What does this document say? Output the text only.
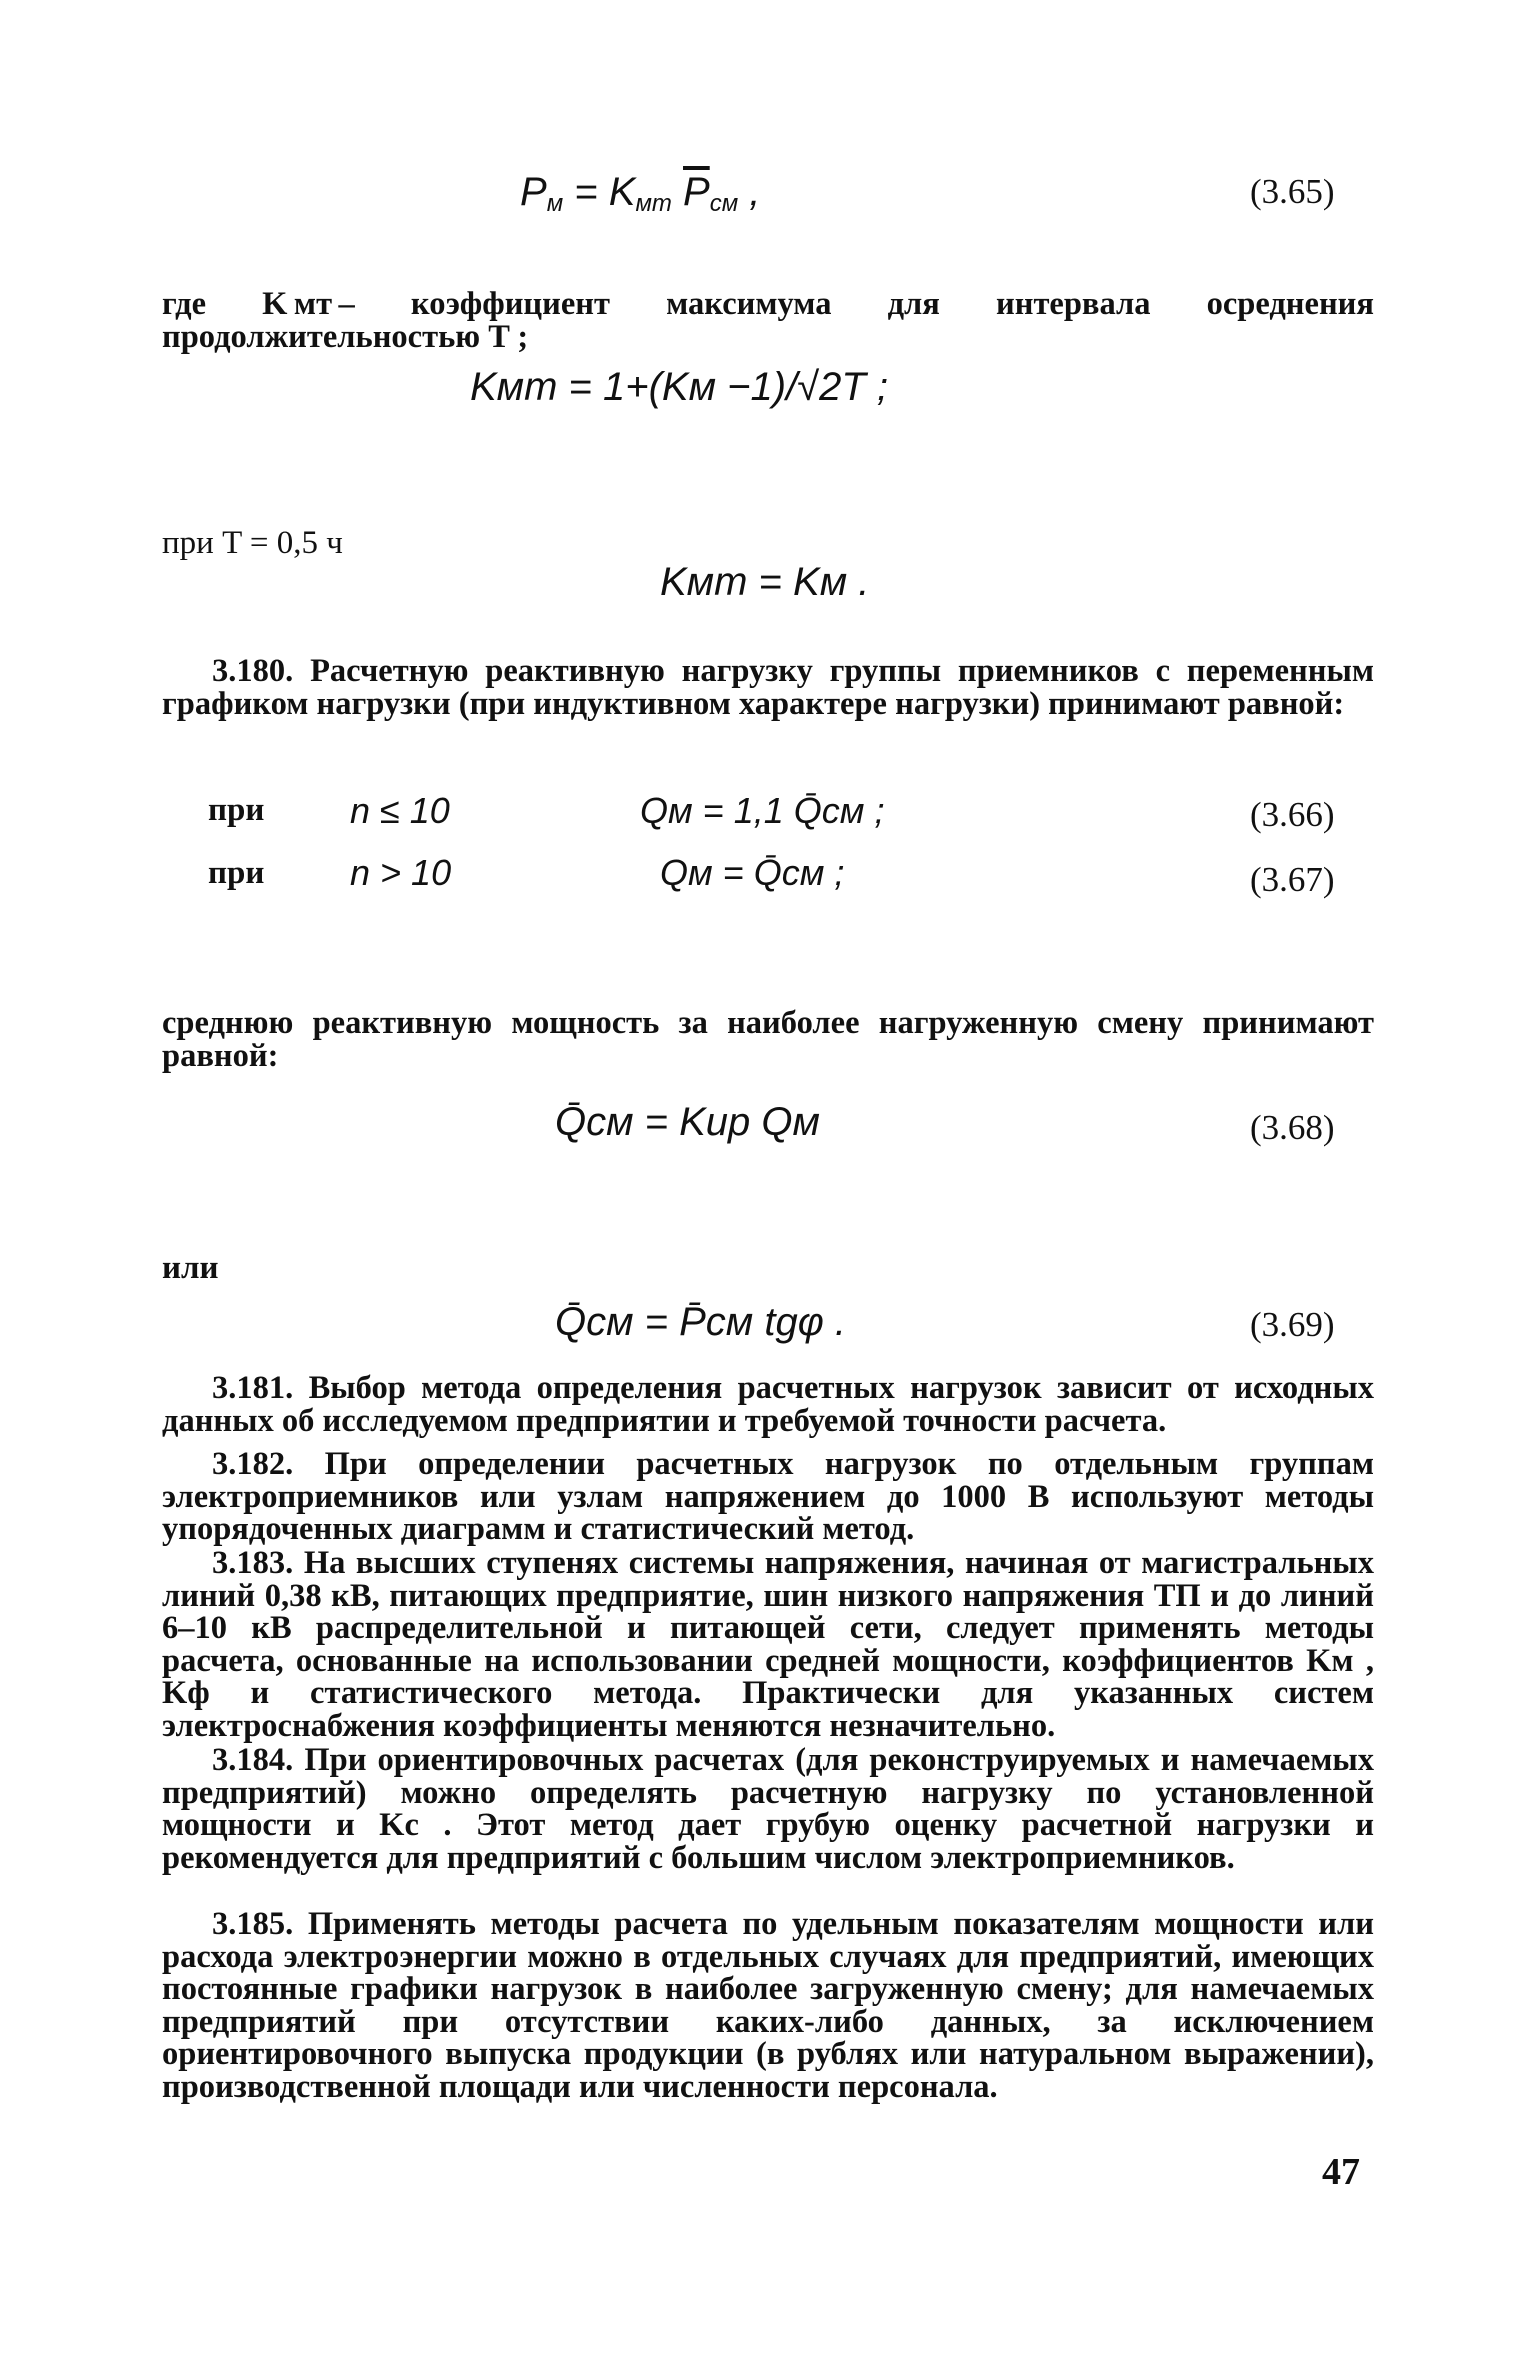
$P_м = K_{мт}$ $\overline{P}_{см}$ ,	(3.65)
где K мт – коэффициент максимума для интервала осреднения продолжительностью T ;
Kмт = 1+(Kм −1)/√2T ;
при T = 0,5 ч
Kмт = Kм .
3.180. Расчетную реактивную нагрузку группы приемников с переменным графиком нагрузки (при индуктивном характере нагрузки) принимают равной:
при n ≤ 10	Qм = 1,1 Q̄см ;	(3.66)
при n > 10	Qм = Q̄см ;	(3.67)
среднюю реактивную мощность за наиболее нагруженную смену принимают равной:
Q̄см = Kир Qм	(3.68)
или
Q̄см = P̄см tgφ .	(3.69)
3.181. Выбор метода определения расчетных нагрузок зависит от исходных данных об исследуемом предприятии и требуемой точности расчета.
3.182. При определении расчетных нагрузок по отдельным группам электроприемников или узлам напряжением до 1000 В используют методы упорядоченных диаграмм и статистический метод.
3.183. На высших ступенях системы напряжения, начиная от магистральных линий 0,38 кВ, питающих предприятие, шин низкого напряжения ТП и до линий 6–10 кВ распределительной и питающей сети, следует применять методы расчета, основанные на использовании средней мощности, коэффициентов Kм , Kф и статистического метода. Практически для указанных систем электроснабжения коэффициенты меняются незначительно.
3.184. При ориентировочных расчетах (для реконструируемых и намечаемых предприятий) можно определять расчетную нагрузку по установленной мощности и Kс . Этот метод дает грубую оценку расчетной нагрузки и рекомендуется для предприятий с большим числом электроприемников.
3.185. Применять методы расчета по удельным показателям мощности или расхода электроэнергии можно в отдельных случаях для предприятий, имеющих постоянные графики нагрузок в наиболее загруженную смену; для намечаемых предприятий при отсутствии каких-либо данных, за исключением ориентировочного выпуска продукции (в рублях или натуральном выражении), производственной площади или численности персонала.
47
